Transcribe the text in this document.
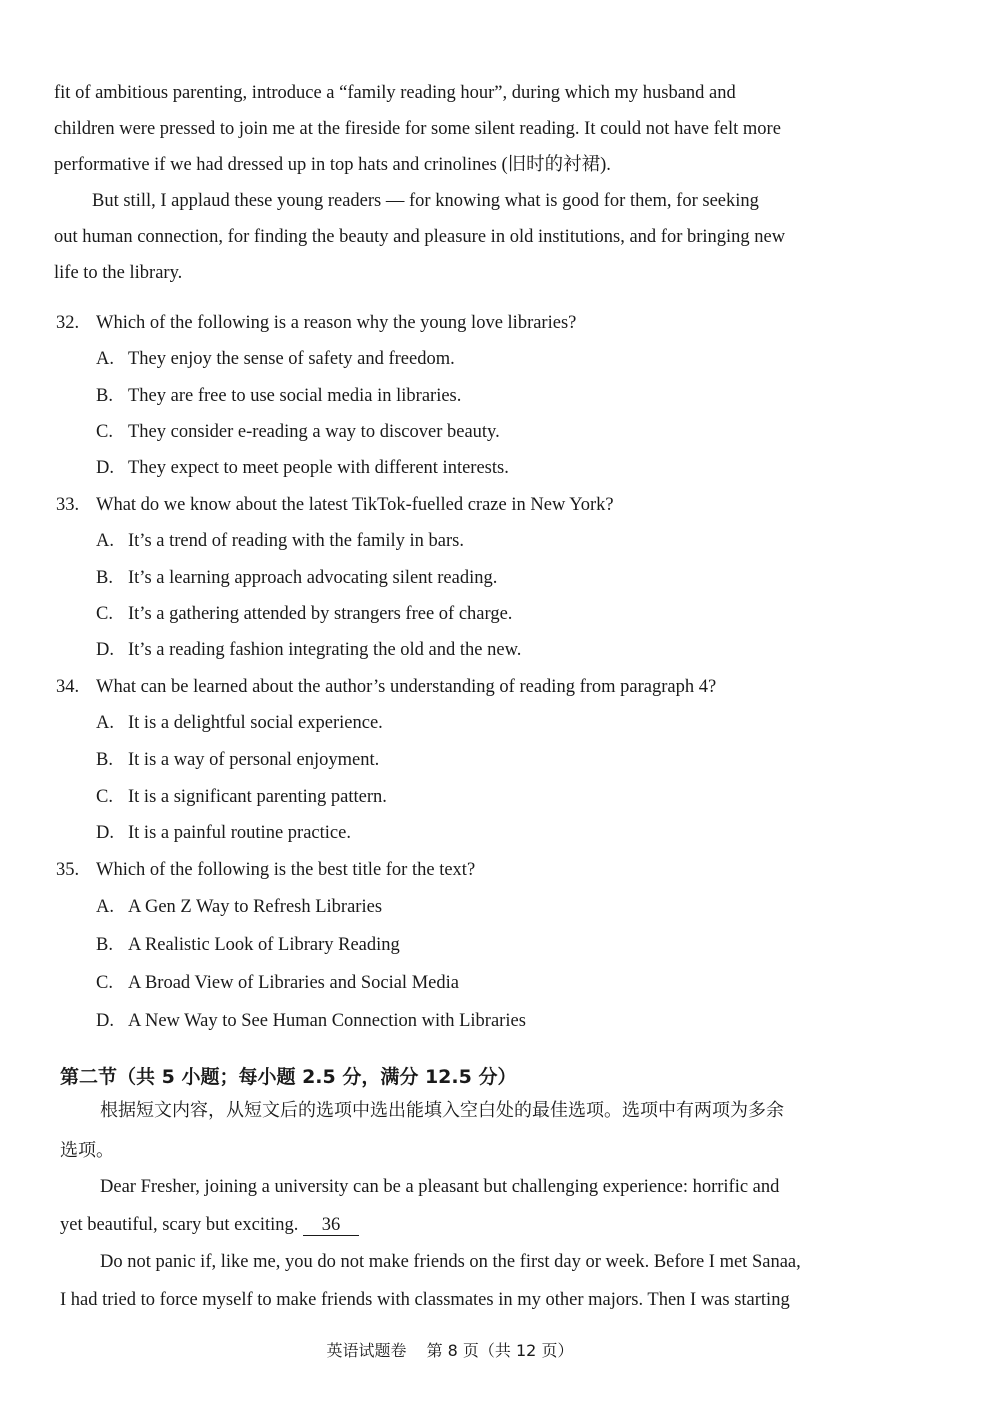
fit of ambitious parenting, introduce a “family reading hour”, during which my husband and
children were pressed to join me at the fireside for some silent reading. It could not have felt more
performative if we had dressed up in top hats and crinolines (旧时的衬裙).
But still, I applaud these young readers — for knowing what is good for them, for seeking
out human connection, for finding the beauty and pleasure in old institutions, and for bringing new
life to the library.
32. Which of the following is a reason why the young love libraries?
A. They enjoy the sense of safety and freedom.
B. They are free to use social media in libraries.
C. They consider e-reading a way to discover beauty.
D. They expect to meet people with different interests.
33. What do we know about the latest TikTok-fuelled craze in New York?
A. It’s a trend of reading with the family in bars.
B. It’s a learning approach advocating silent reading.
C. It’s a gathering attended by strangers free of charge.
D. It’s a reading fashion integrating the old and the new.
34. What can be learned about the author’s understanding of reading from paragraph 4?
A. It is a delightful social experience.
B. It is a way of personal enjoyment.
C. It is a significant parenting pattern.
D. It is a painful routine practice.
35. Which of the following is the best title for the text?
A. A Gen Z Way to Refresh Libraries
B. A Realistic Look of Library Reading
C. A Broad View of Libraries and Social Media
D. A New Way to See Human Connection with Libraries
第二节（共 5 小题；每小题 2.5 分，满分 12.5 分）
根据短文内容，从短文后的选项中选出能填入空白处的最佳选项。选项中有两项为多余
选项。
Dear Fresher, joining a university can be a pleasant but challenging experience: horrific and
yet beautiful, scary but exciting. 36
Do not panic if, like me, you do not make friends on the first day or week. Before I met Sanaa,
I had tried to force myself to make friends with classmates in my other majors. Then I was starting
英语试题卷 第 8 页（共 12 页）
